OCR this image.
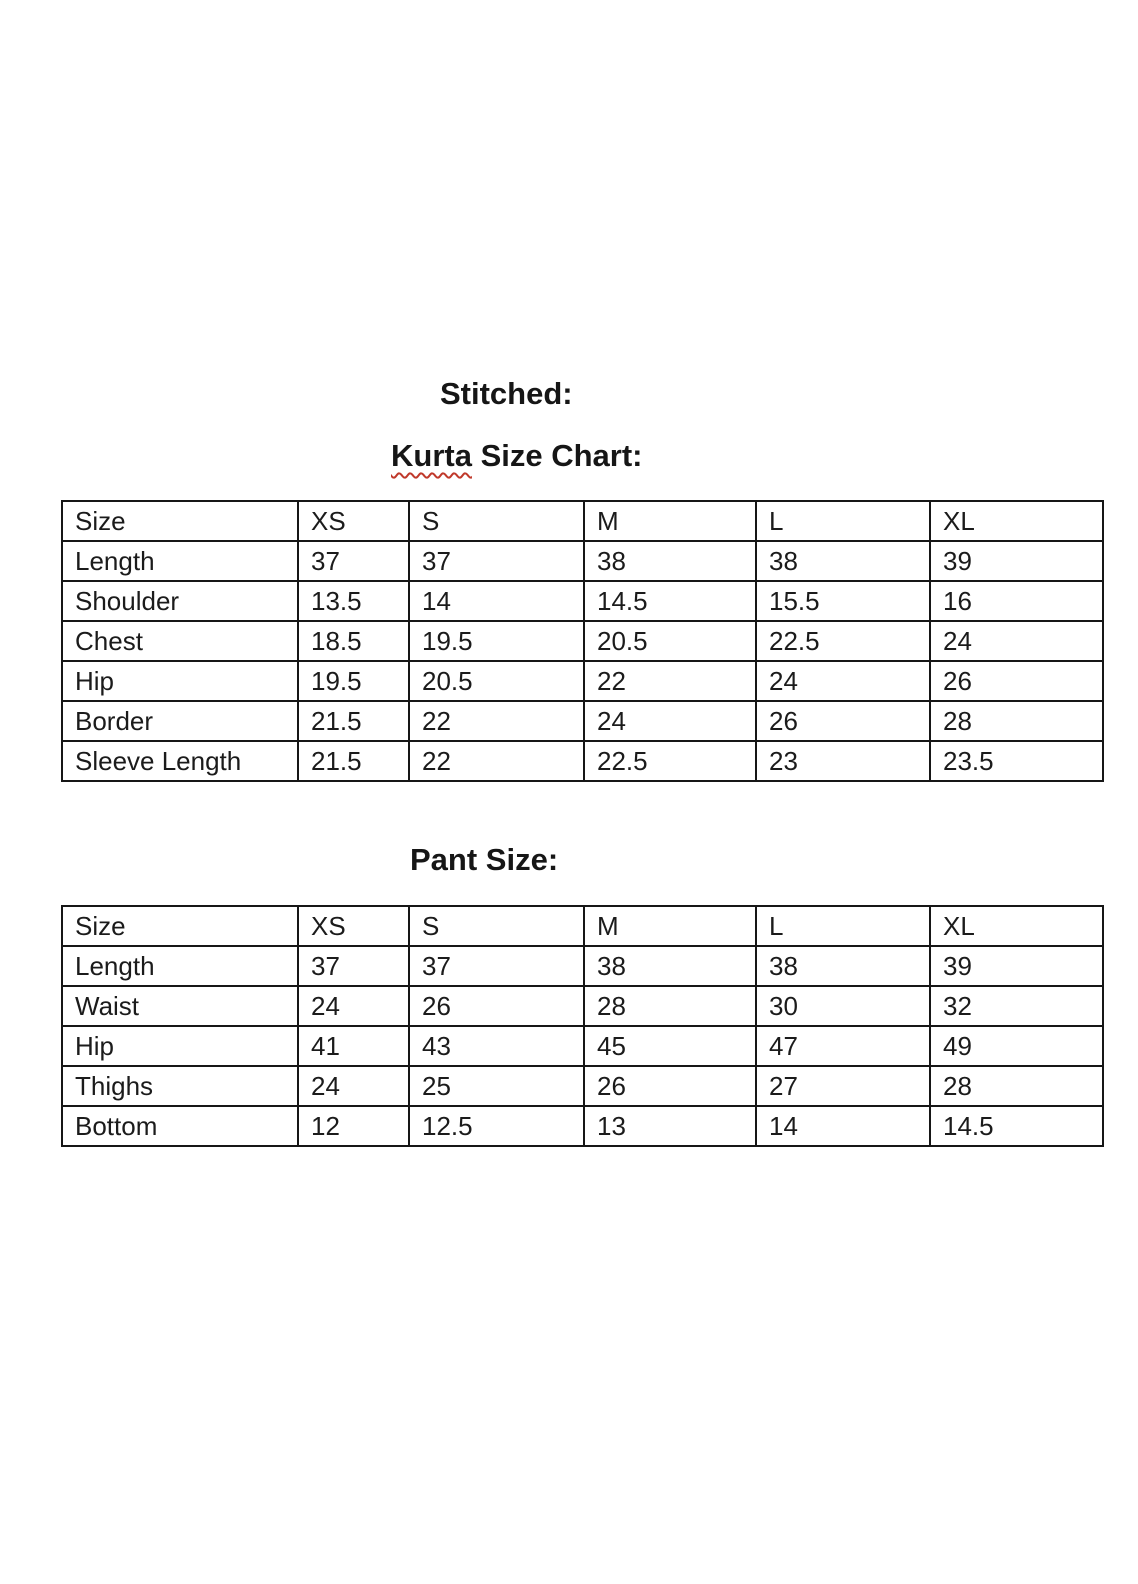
Stitched:
Kurta Size Chart:
Size	XS	S	M	L	XL
Length	37	37	38	38	39
Shoulder	13.5	14	14.5	15.5	16
Chest	18.5	19.5	20.5	22.5	24
Hip	19.5	20.5	22	24	26
Border	21.5	22	24	26	28
Sleeve Length	21.5	22	22.5	23	23.5
Pant Size:
Size	XS	S	M	L	XL
Length	37	37	38	38	39
Waist	24	26	28	30	32
Hip	41	43	45	47	49
Thighs	24	25	26	27	28
Bottom	12	12.5	13	14	14.5
